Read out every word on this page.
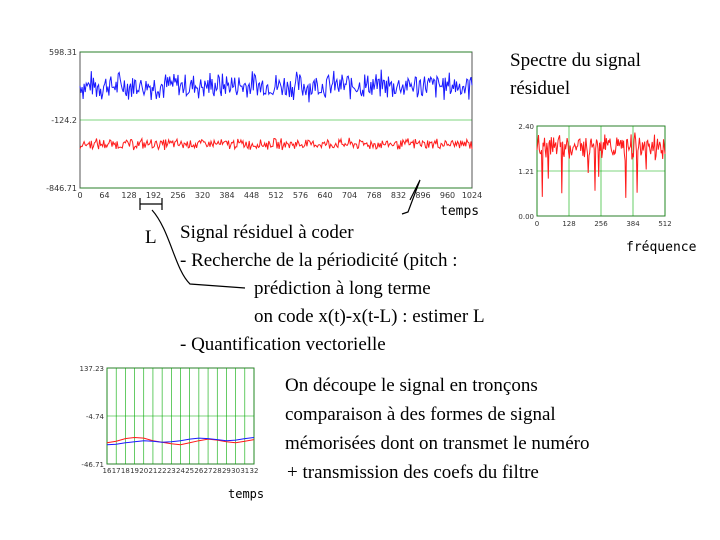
0 64 128 192 256 320 384 448 512 576 640 704 768 832 896 960 1024
598.31
-124.2
-846.71
0	128	256	384	512
2.40
1.21
0.00
16 17 18 19 20 21 22 23 24 25 26 27 28 29 30 31 32
137.23
-4.74
-46.71
Spectre du signal
résiduel
temps
fréquence
L Signal résiduel à coder
- Recherche de la périodicité (pitch :
prédiction à long terme
on code x(t)-x(t-L) : estimer L
- Quantification vectorielle
On découpe le signal en tronçons
comparaison à des formes de signal
mémorisées dont on transmet le numéro
+ transmission des coefs du filtre
temps
